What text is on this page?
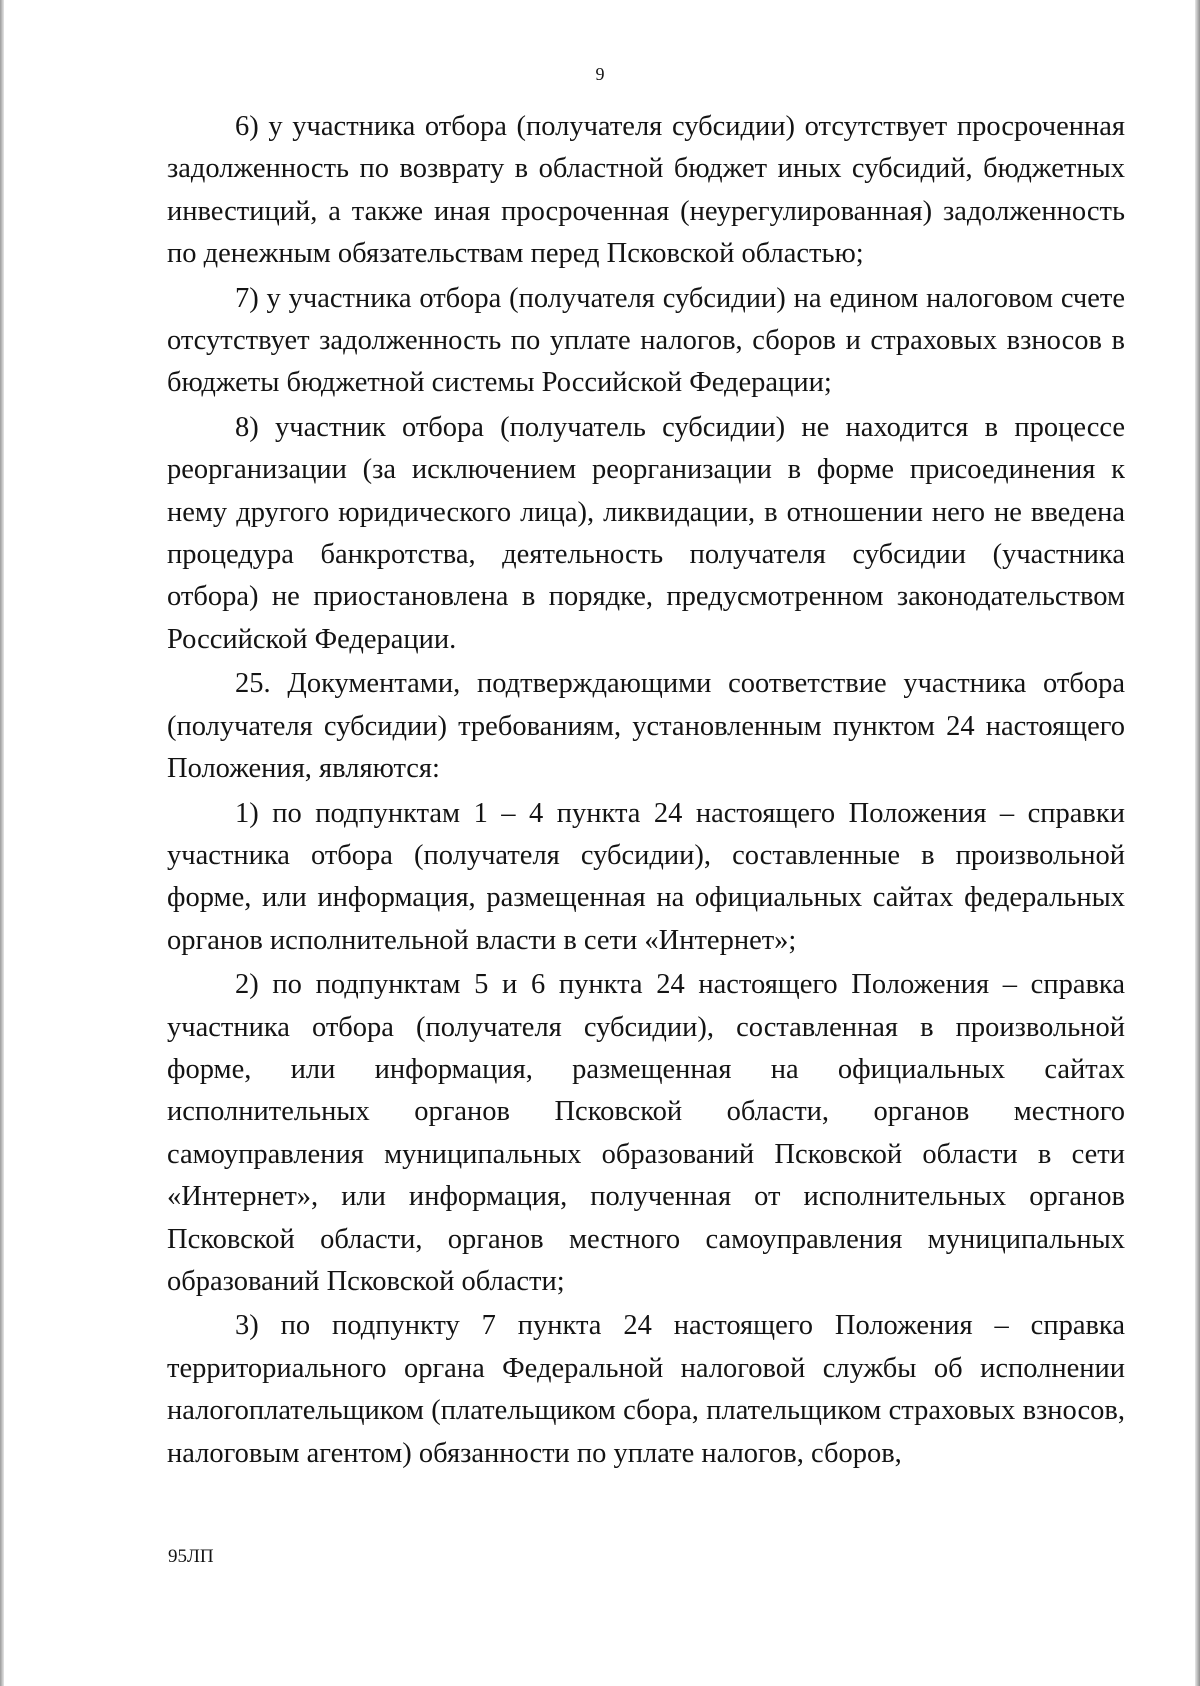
9

6) у участника отбора (получателя субсидии) отсутствует просроченная задолженность по возврату в областной бюджет иных субсидий, бюджетных инвестиций, а также иная просроченная (неурегулированная) задолженность по денежным обязательствам перед Псковской областью;

7) у участника отбора (получателя субсидии) на едином налоговом счете отсутствует задолженность по уплате налогов, сборов и страховых взносов в бюджеты бюджетной системы Российской Федерации;

8) участник отбора (получатель субсидии) не находится в процессе реорганизации (за исключением реорганизации в форме присоединения к нему другого юридического лица), ликвидации, в отношении него не введена процедура банкротства, деятельность получателя субсидии (участника отбора) не приостановлена в порядке, предусмотренном законодательством Российской Федерации.

25. Документами, подтверждающими соответствие участника отбора (получателя субсидии) требованиям, установленным пунктом 24 настоящего Положения, являются:

1) по подпунктам 1 – 4 пункта 24 настоящего Положения – справки участника отбора (получателя субсидии), составленные в произвольной форме, или информация, размещенная на официальных сайтах федеральных органов исполнительной власти в сети «Интернет»;

2) по подпунктам 5 и 6 пункта 24 настоящего Положения – справка участника отбора (получателя субсидии), составленная в произвольной форме, или информация, размещенная на официальных сайтах исполнительных органов Псковской области, органов местного самоуправления муниципальных образований Псковской области в сети «Интернет», или информация, полученная от исполнительных органов Псковской области, органов местного самоуправления муниципальных образований Псковской области;

3) по подпункту 7 пункта 24 настоящего Положения – справка территориального органа Федеральной налоговой службы об исполнении налогоплательщиком (плательщиком сбора, плательщиком страховых взносов, налоговым агентом) обязанности по уплате налогов, сборов,

95ЛП
